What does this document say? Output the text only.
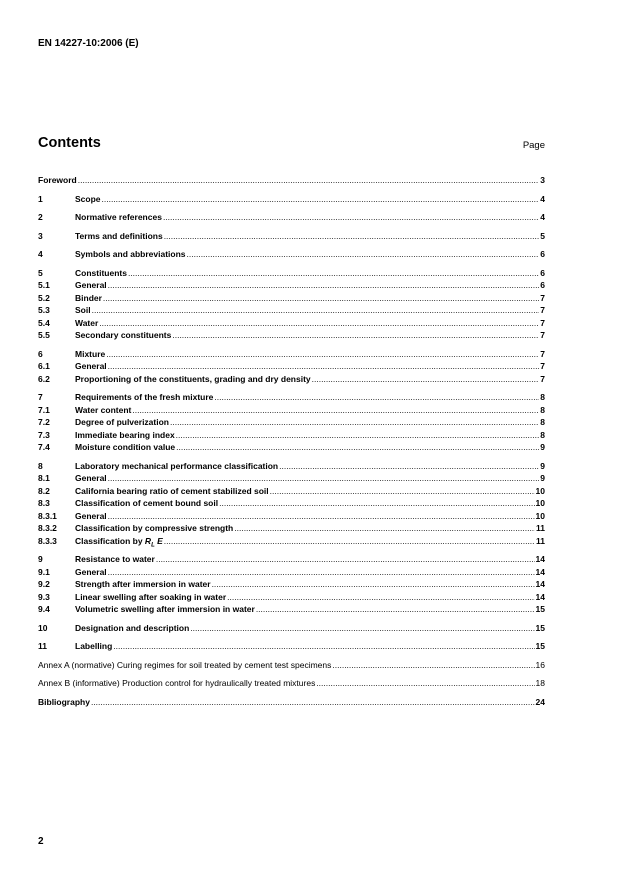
EN 14227-10:2006 (E)
Contents	Page
Foreword .....	3
1	Scope .....	4
2	Normative references .....	4
3	Terms and definitions .....	5
4	Symbols and abbreviations .....	6
5	Constituents .....	6
5.1	General .....	6
5.2	Binder .....	7
5.3	Soil .....	7
5.4	Water .....	7
5.5	Secondary constituents .....	7
6	Mixture .....	7
6.1	General .....	7
6.2	Proportioning of the constituents, grading and dry density .....	7
7	Requirements of the fresh mixture .....	8
7.1	Water content .....	8
7.2	Degree of pulverization .....	8
7.3	Immediate bearing index .....	8
7.4	Moisture condition value .....	9
8	Laboratory mechanical performance classification .....	9
8.1	General .....	9
8.2	California bearing ratio of cement stabilized soil .....	10
8.3	Classification of cement bound soil .....	10
8.3.1	General .....	10
8.3.2	Classification by compressive strength .....	11
8.3.3	Classification by $R_L$ E .....	11
9	Resistance to water .....	14
9.1	General .....	14
9.2	Strength after immersion in water .....	14
9.3	Linear swelling after soaking in water .....	14
9.4	Volumetric swelling after immersion in water .....	15
10	Designation and description .....	15
11	Labelling .....	15
Annex A (normative) Curing regimes for soil treated by cement test specimens .....	16
Annex B (informative) Production control for hydraulically treated mixtures .....	18
Bibliography .....	24
2
